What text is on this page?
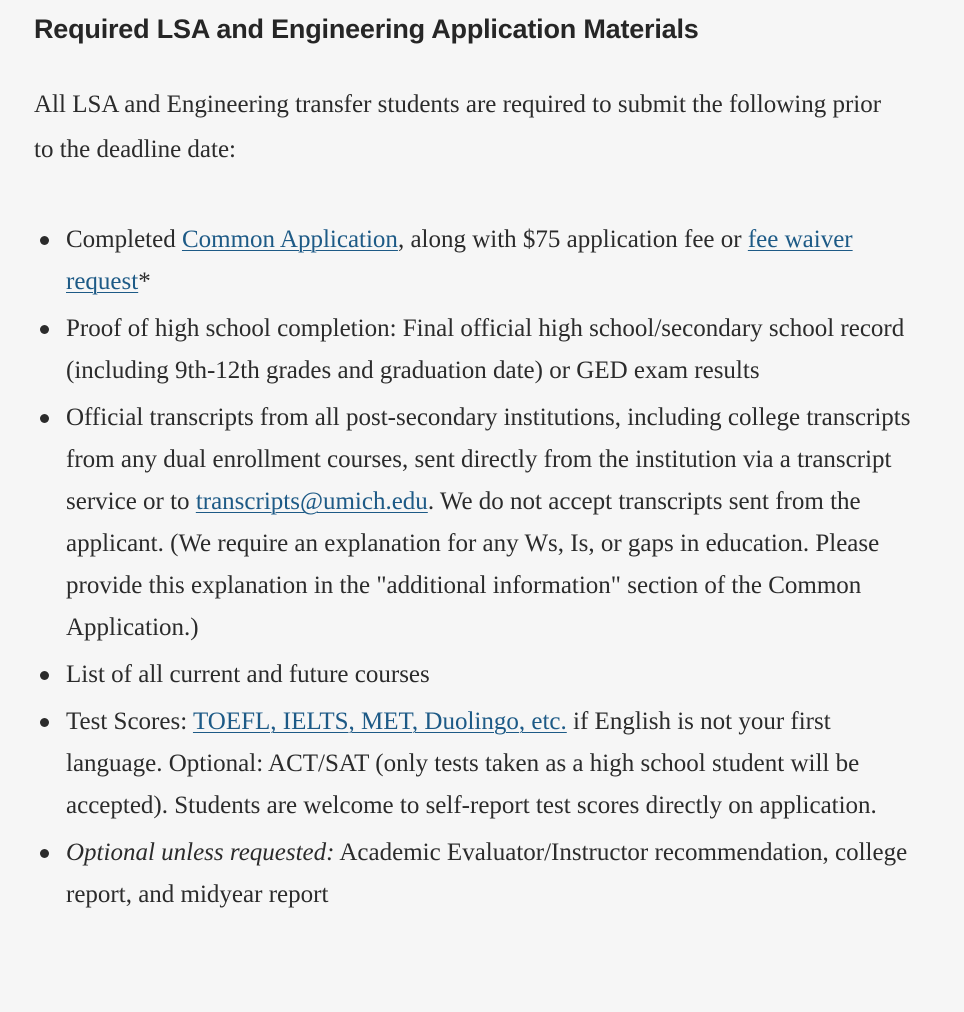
Required LSA and Engineering Application Materials

All LSA and Engineering transfer students are required to submit the following prior to the deadline date:

Completed Common Application, along with $75 application fee or fee waiver request*
Proof of high school completion: Final official high school/secondary school record (including 9th-12th grades and graduation date) or GED exam results
Official transcripts from all post-secondary institutions, including college transcripts from any dual enrollment courses, sent directly from the institution via a transcript service or to transcripts@umich.edu. We do not accept transcripts sent from the applicant. (We require an explanation for any Ws, Is, or gaps in education. Please provide this explanation in the "additional information" section of the Common Application.)
List of all current and future courses
Test Scores: TOEFL, IELTS, MET, Duolingo, etc. if English is not your first language. Optional: ACT/SAT (only tests taken as a high school student will be accepted). Students are welcome to self-report test scores directly on application.
Optional unless requested: Academic Evaluator/Instructor recommendation, college report, and midyear report
